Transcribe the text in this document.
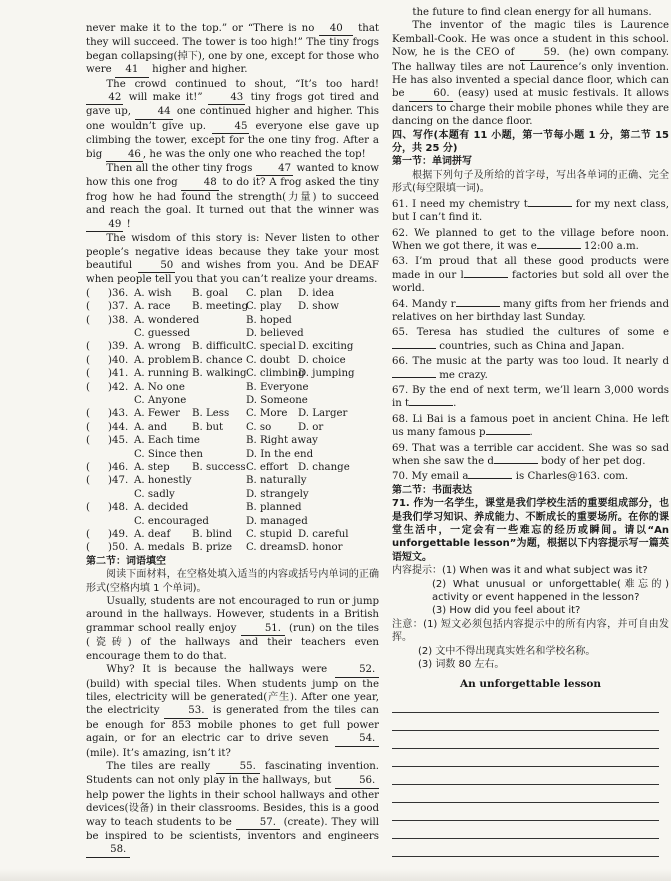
never make it to the top.” or “There is no 40 that they will succeed. The tower is too high!” The tiny frogs began collapsing(掉下), one by one, except for those who were 41 higher and higher.

The crowd continued to shout, “It’s too hard! 42 will make it!”	43 tiny frogs got tired and gave up,	44 one continued higher and higher. This one wouldn’t give up.	45 everyone else gave up climbing the tower, except for the one tiny frog. After a big	46 , he was the only one who reached the top!

Then all the other tiny frogs	47 wanted to know how this one frog	48 to do it? A frog asked the tiny frog how he had found the strength(力量) to succeed and reach the goal. It turned out that the winner was 49 !

The wisdom of this story is: Never listen to other people’s negative ideas because they take your most beautiful	50 and wishes from you. And be DEAF when people tell you that you can’t realize your dreams.

(	)36. A. wish	B. goal	C. plan	D. idea
(	)37. A. race	B. meeting
C. play	D. show
(	)38. A. wondered	B. hoped
C. guessed	D. believed
(	)39. A. wrong	B. difficult C. special D. exciting
(	)40. A. problem B. chance C. doubt D. choice
(	)41. A. running B. walking C. climbing
D. jumping
(	)42. A. No one	B. Everyone
C. Anyone	D. Someone
(	)43. A. Fewer	B. Less	C. More	D. Larger
(	)44. A. and	B. but	C. so	D. or
(	)45. A. Each time	B. Right away
C. Since then	D. In the end
(	)46. A. step	B. success C. effort D. change
(	)47. A. honestly	B. naturally
C. sadly	D. strangely
(	)48. A. decided	B. planned
C. encouraged	D. managed
(	)49. A. deaf	B. blind	C. stupid D. careful
(	)50. A. medals B. prize	C. dreams D. honor

第二节：词语填空

阅读下面材料，在空格处填入适当的内容或括号内单词的正确形式(空格内填 1 个单词)。

Usually, students are not encouraged to run or jump around in the hallways. However, students in a British grammar school really enjoy	51. (run) on the tiles (瓷砖) of the hallways and their teachers even encourage them to do that.

Why? It is because the hallways were	52. (build) with special tiles. When students jump on the tiles, electricity will be generated(产生). After one year, the electricity	53. is generated from the tiles can be enough for 853 mobile phones to get full power again, or for an electric car to drive seven	54. (mile). It’s amazing, isn’t it?

The tiles are really	55. fascinating invention. Students can not only play in the hallways, but	56. help power the lights in their school hallways and other devices(设备) in their classrooms. Besides, this is a good way to teach students to be	57. (create). They will be inspired to be scientists, inventors and engineers 58.

the future to find clean energy for all humans.

The inventor of the magic tiles is Laurence Kemball-Cook. He was once a student in this school. Now, he is the CEO of	59. (he) own company. The hallway tiles are not Laurence’s only invention. He has also invented a special dance floor, which can be	60. (easy) used at music festivals. It allows dancers to charge their mobile phones while they are dancing on the dance floor.

四、写作(本题有 11 小题，第一节每小题 1 分，第二节 15 分，共 25 分)

第一节：单词拼写

根据下列句子及所给的首字母，写出各单词的正确、完全形式(每空限填一词)。

61. I need my chemistry t	for my next class, but I can’t find it.

62. We planned to get to the village before noon. When we got there, it was e	12:00 a.m.

63. I’m proud that all these good products were made in our l	factories but sold all over the world.

64. Mandy r	many gifts from her friends and relatives on her birthday last Sunday.

65. Teresa has studied the cultures of some e countries, such as China and Japan.

66. The music at the party was too loud. It nearly d me crazy.

67. By the end of next term, we’ll learn 3,000 words in t	.

68. Li Bai is a famous poet in ancient China. He left us many famous p	.

69. That was a terrible car accident. She was so sad when she saw the d	body of her pet dog.

70. My email a	is Charles@163. com.

第二节：书面表达

71. 作为一名学生，课堂是我们学校生活的重要组成部分，也是我们学习知识、养成能力、不断成长的重要场所。在你的课堂生活中，一定会有一些难忘的经历或瞬间。请以“An unforgettable lesson”为题，根据以下内容提示写一篇英语短文。

内容提示：(1) When was it and what subject was it?

(2) What unusual or unforgettable(难忘的) activity or event happened in the lesson?

(3) How did you feel about it?

注意：(1) 短文必须包括内容提示中的所有内容，并可自由发挥。

(2) 文中不得出现真实姓名和学校名称。

(3) 词数 80 左右。

An unforgettable lesson
